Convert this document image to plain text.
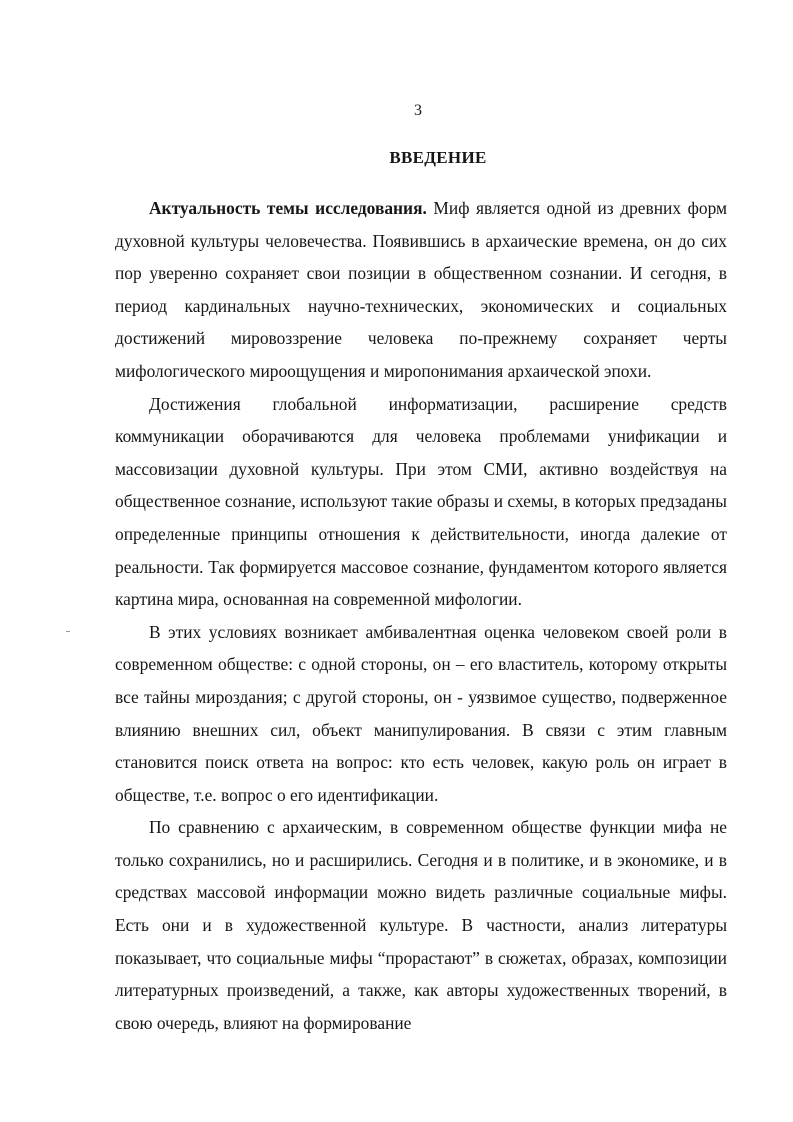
3
ВВЕДЕНИЕ

Актуальность темы исследования. Миф является одной из древних форм духовной культуры человечества. Появившись в архаические времена, он до сих пор уверенно сохраняет свои позиции в общественном сознании. И сегодня, в период кардинальных научно-технических, экономических и социальных достижений мировоззрение человека по-прежнему сохраняет черты мифологического мироощущения и миропонимания архаической эпохи.

Достижения глобальной информатизации, расширение средств коммуникации оборачиваются для человека проблемами унификации и массовизации духовной культуры. При этом СМИ, активно воздействуя на общественное сознание, используют такие образы и схемы, в которых предзаданы определенные принципы отношения к действительности, иногда далекие от реальности. Так формируется массовое сознание, фундаментом которого является картина мира, основанная на современной мифологии.

В этих условиях возникает амбивалентная оценка человеком своей роли в современном обществе: с одной стороны, он – его властитель, которому открыты все тайны мироздания; с другой стороны, он - уязвимое существо, подверженное влиянию внешних сил, объект манипулирования. В связи с этим главным становится поиск ответа на вопрос: кто есть человек, какую роль он играет в обществе, т.е. вопрос о его идентификации.

По сравнению с архаическим, в современном обществе функции мифа не только сохранились, но и расширились. Сегодня и в политике, и в экономике, и в средствах массовой информации можно видеть различные социальные мифы. Есть они и в художественной культуре. В частности, анализ литературы показывает, что социальные мифы “прорастают” в сюжетах, образах, композиции литературных произведений, а также, как авторы художественных творений, в свою очередь, влияют на формирование
